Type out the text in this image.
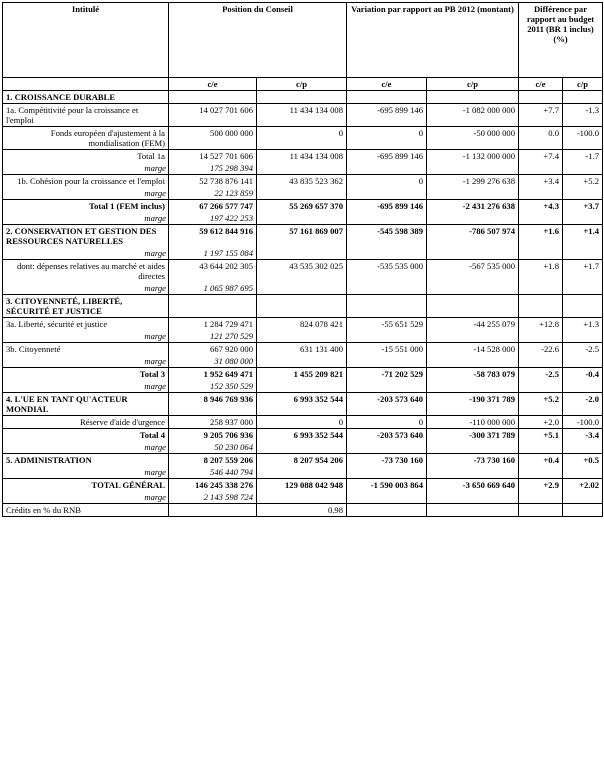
Intitulé	Position du Conseil		Variation par rapport au PB 2012 (montant)		Différence par rapport au budget 2011 (BR 1 inclus) (%)	
	c/e	c/p	c/e	c/p	c/e	c/p
1. CROISSANCE DURABLE						
1a. Compétitivité pour la croissance et l'emploi	14 027 701 606	11 434 134 008	-695 899 146	-1 082 000 000	+7.7	-1.3
Fonds européen d'ajustement à la mondialisation (FEM)	500 000 000	0	0	-50 000 000	0.0	-100.0
Total 1a	14 527 701 606	11 434 134 008	-695 899 146	-1 132 000 000	+7.4	-1.7
marge	175 298 394					
1b. Cohésion pour la croissance et l'emploi	52 738 876 141	43 835 523 362	0	-1 299 276 638	+3.4	+5.2
marge	22 123 859					
Total 1 (FEM inclus)	67 266 577 747	55 269 657 370	-695 899 146	-2 431 276 638	+4.3	+3.7
marge	197 422 253					
2. CONSERVATION ET GESTION DES RESSOURCES NATURELLES	59 612 844 916	57 161 869 007	-545 598 389	-786 507 974	+1.6	+1.4
marge	1 197 155 084					
dont: dépenses relatives au marché et aides directes	43 644 202 305	43 535 302 025	-535 535 000	-567 535 000	+1.8	+1.7
marge	1 065 987 695					
3. CITOYENNETÉ, LIBERTÉ, SÉCURITÉ ET JUSTICE						
3a. Liberté, sécurité et justice	1 284 729 471	824 078 421	-55 651 529	-44 255 079	+12.8	+1.3
marge	121 270 529					
3b. Citoyenneté	667 920 000	631 131 400	-15 551 000	-14 528 000	-22.6	-2.5
marge	31 080 000					
Total 3	1 952 649 471	1 455 209 821	-71 202 529	-58 783 079	-2.5	-0.4
marge	152 350 529					
4. L'UE EN TANT QU'ACTEUR MONDIAL	8 946 769 936	6 993 352 544	-203 573 640	-190 371 789	+5.2	-2.0
Réserve d'aide d'urgence	258 937 000	0	0	-110 000 000	+2.0	-100.0
Total 4	9 205 706 936	6 993 352 544	-203 573 640	-300 371 789	+5.1	-3.4
marge	50 230 064					
5. ADMINISTRATION	8 207 559 206	8 207 954 206	-73 730 160	-73 730 160	+0.4	+0.5
marge	546 440 794					
TOTAL GÉNÉRAL	146 245 338 276	129 088 042 948	-1 590 003 864	-3 650 669 640	+2.9	+2.02
marge	2 143 598 724					
Crédits en % du RNB		0.98				
